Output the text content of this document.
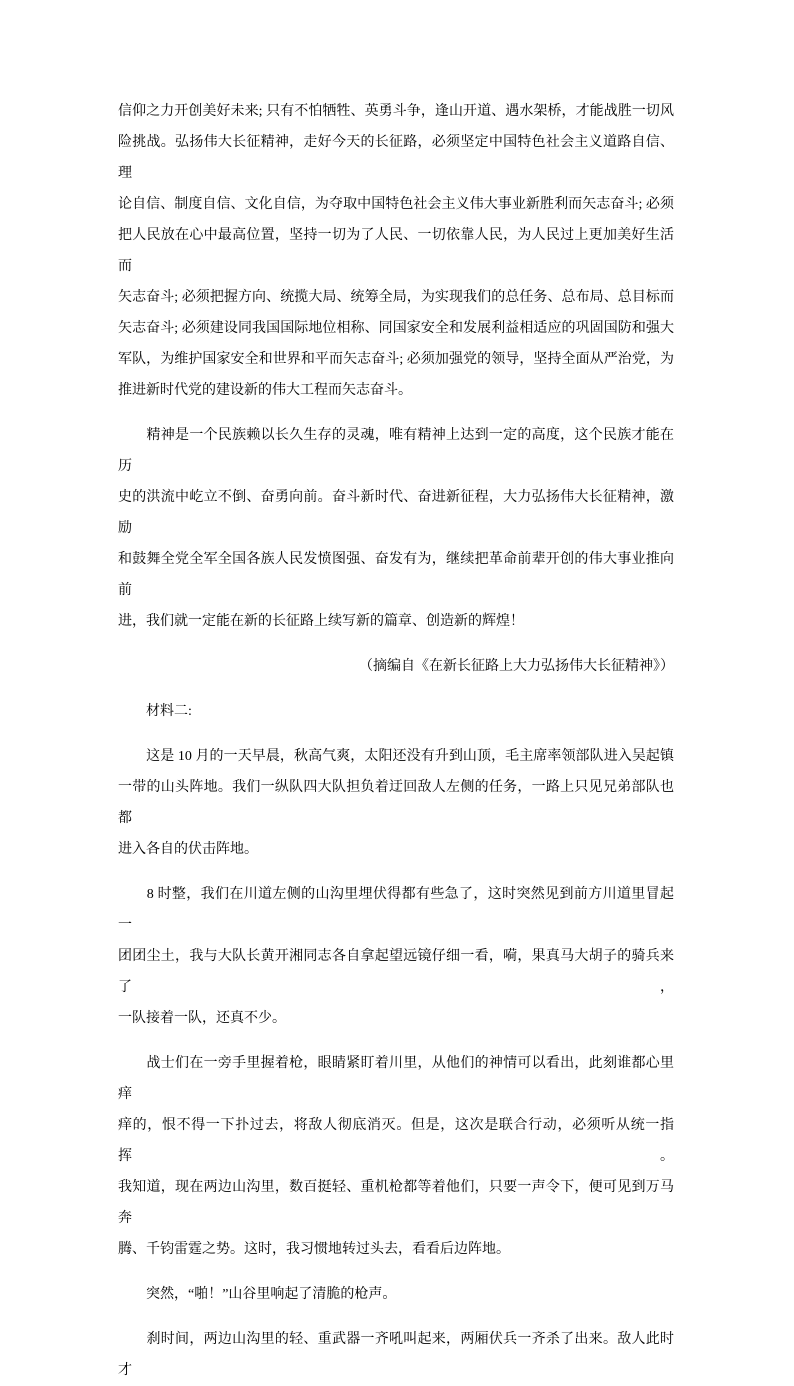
信仰之力开创美好未来; 只有不怕牺牲、英勇斗争，逢山开道、遇水架桥，才能战胜一切风
险挑战。弘扬伟大长征精神，走好今天的长征路，必须坚定中国特色社会主义道路自信、理
论自信、制度自信、文化自信，为夺取中国特色社会主义伟大事业新胜利而矢志奋斗; 必须
把人民放在心中最高位置，坚持一切为了人民、一切依靠人民，为人民过上更加美好生活而
矢志奋斗; 必须把握方向、统揽大局、统筹全局，为实现我们的总任务、总布局、总目标而
矢志奋斗; 必须建设同我国国际地位相称、同国家安全和发展利益相适应的巩固国防和强大
军队，为维护国家安全和世界和平而矢志奋斗; 必须加强党的领导，坚持全面从严治党，为
推进新时代党的建设新的伟大工程而矢志奋斗。
　　精神是一个民族赖以长久生存的灵魂，唯有精神上达到一定的高度，这个民族才能在历
史的洪流中屹立不倒、奋勇向前。奋斗新时代、奋进新征程，大力弘扬伟大长征精神，激励
和鼓舞全党全军全国各族人民发愤图强、奋发有为，继续把革命前辈开创的伟大事业推向前
进，我们就一定能在新的长征路上续写新的篇章、创造新的辉煌！
（摘编自《在新长征路上大力弘扬伟大长征精神》）
　　材料二:
　　这是 10 月的一天早晨，秋高气爽，太阳还没有升到山顶，毛主席率领部队进入吴起镇
一带的山头阵地。我们一纵队四大队担负着迂回敌人左侧的任务，一路上只见兄弟部队也都
进入各自的伏击阵地。
　　8 时整，我们在川道左侧的山沟里埋伏得都有些急了，这时突然见到前方川道里冒起一
团团尘土，我与大队长黄开湘同志各自拿起望远镜仔细一看，嗬，果真马大胡子的骑兵来了，
一队接着一队，还真不少。
　　战士们在一旁手里握着枪，眼睛紧盯着川里，从他们的神情可以看出，此刻谁都心里痒
痒的，恨不得一下扑过去，将敌人彻底消灭。但是，这次是联合行动，必须听从统一指挥。
我知道，现在两边山沟里，数百挺轻、重机枪都等着他们，只要一声令下，便可见到万马奔
腾、千钧雷霆之势。这时，我习惯地转过头去，看看后边阵地。
　　突然，“啪！”山谷里响起了清脆的枪声。
　　刹时间，两边山沟里的轻、重武器一齐吼叫起来，两厢伏兵一齐杀了出来。敌人此时才
